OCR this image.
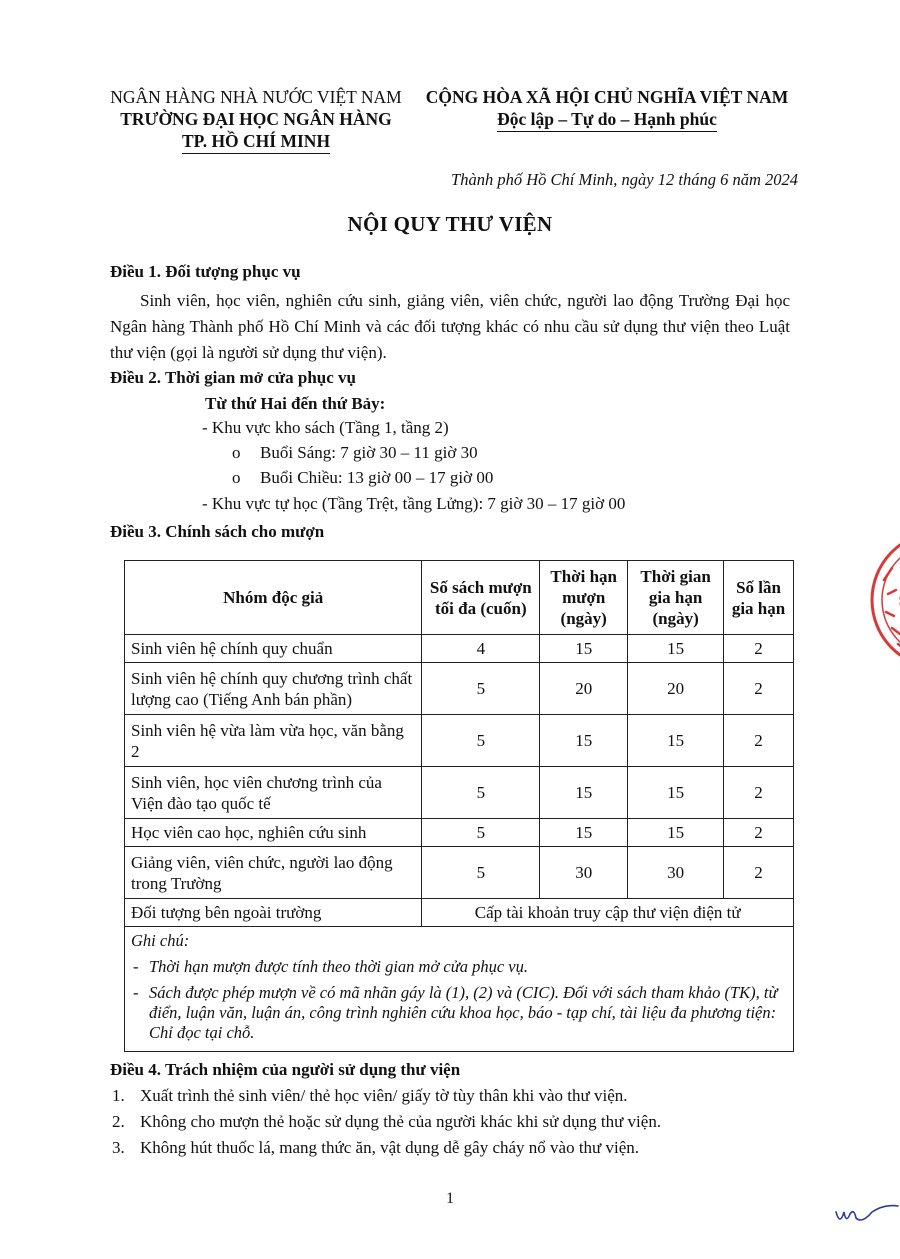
NGÂN HÀNG NHÀ NƯỚC VIỆT NAM
TRƯỜNG ĐẠI HỌC NGÂN HÀNG
TP. HỒ CHÍ MINH
CỘNG HÒA XÃ HỘI CHỦ NGHĨA VIỆT NAM
Độc lập – Tự do – Hạnh phúc
Thành phố Hồ Chí Minh, ngày 12 tháng 6 năm 2024
NỘI QUY THƯ VIỆN
Điều 1. Đối tượng phục vụ
Sinh viên, học viên, nghiên cứu sinh, giảng viên, viên chức, người lao động Trường Đại học Ngân hàng Thành phố Hồ Chí Minh và các đối tượng khác có nhu cầu sử dụng thư viện theo Luật thư viện (gọi là người sử dụng thư viện).
Điều 2. Thời gian mở cửa phục vụ
Từ thứ Hai đến thứ Bảy:
- Khu vực kho sách (Tầng 1, tầng 2)
o Buổi Sáng: 7 giờ 30 – 11 giờ 30
o Buổi Chiều: 13 giờ 00 – 17 giờ 00
- Khu vực tự học (Tầng Trệt, tầng Lửng): 7 giờ 30 – 17 giờ 00
Điều 3. Chính sách cho mượn
Nhóm độc giả	Số sách mượn tối đa (cuốn)	Thời hạn mượn (ngày)	Thời gian gia hạn (ngày)	Số lần gia hạn
Sinh viên hệ chính quy chuẩn	4	15	15	2
Sinh viên hệ chính quy chương trình chất lượng cao (Tiếng Anh bán phần)	5	20	20	2
Sinh viên hệ vừa làm vừa học, văn bằng 2	5	15	15	2
Sinh viên, học viên chương trình của Viện đào tạo quốc tế	5	15	15	2
Học viên cao học, nghiên cứu sinh	5	15	15	2
Giảng viên, viên chức, người lao động trong Trường	5	30	30	2
Đối tượng bên ngoài trường	Cấp tài khoản truy cập thư viện điện tử			
Ghi chú:
- Thời hạn mượn được tính theo thời gian mở cửa phục vụ.
- Sách được phép mượn về có mã nhãn gáy là (1), (2) và (CIC). Đối với sách tham khảo (TK), từ điển, luận văn, luận án, công trình nghiên cứu khoa học, báo - tạp chí, tài liệu đa phương tiện: Chỉ đọc tại chỗ.
Điều 4. Trách nhiệm của người sử dụng thư viện
1. Xuất trình thẻ sinh viên/ thẻ học viên/ giấy tờ tùy thân khi vào thư viện.
2. Không cho mượn thẻ hoặc sử dụng thẻ của người khác khi sử dụng thư viện.
3. Không hút thuốc lá, mang thức ăn, vật dụng dễ gây cháy nổ vào thư viện.
1
